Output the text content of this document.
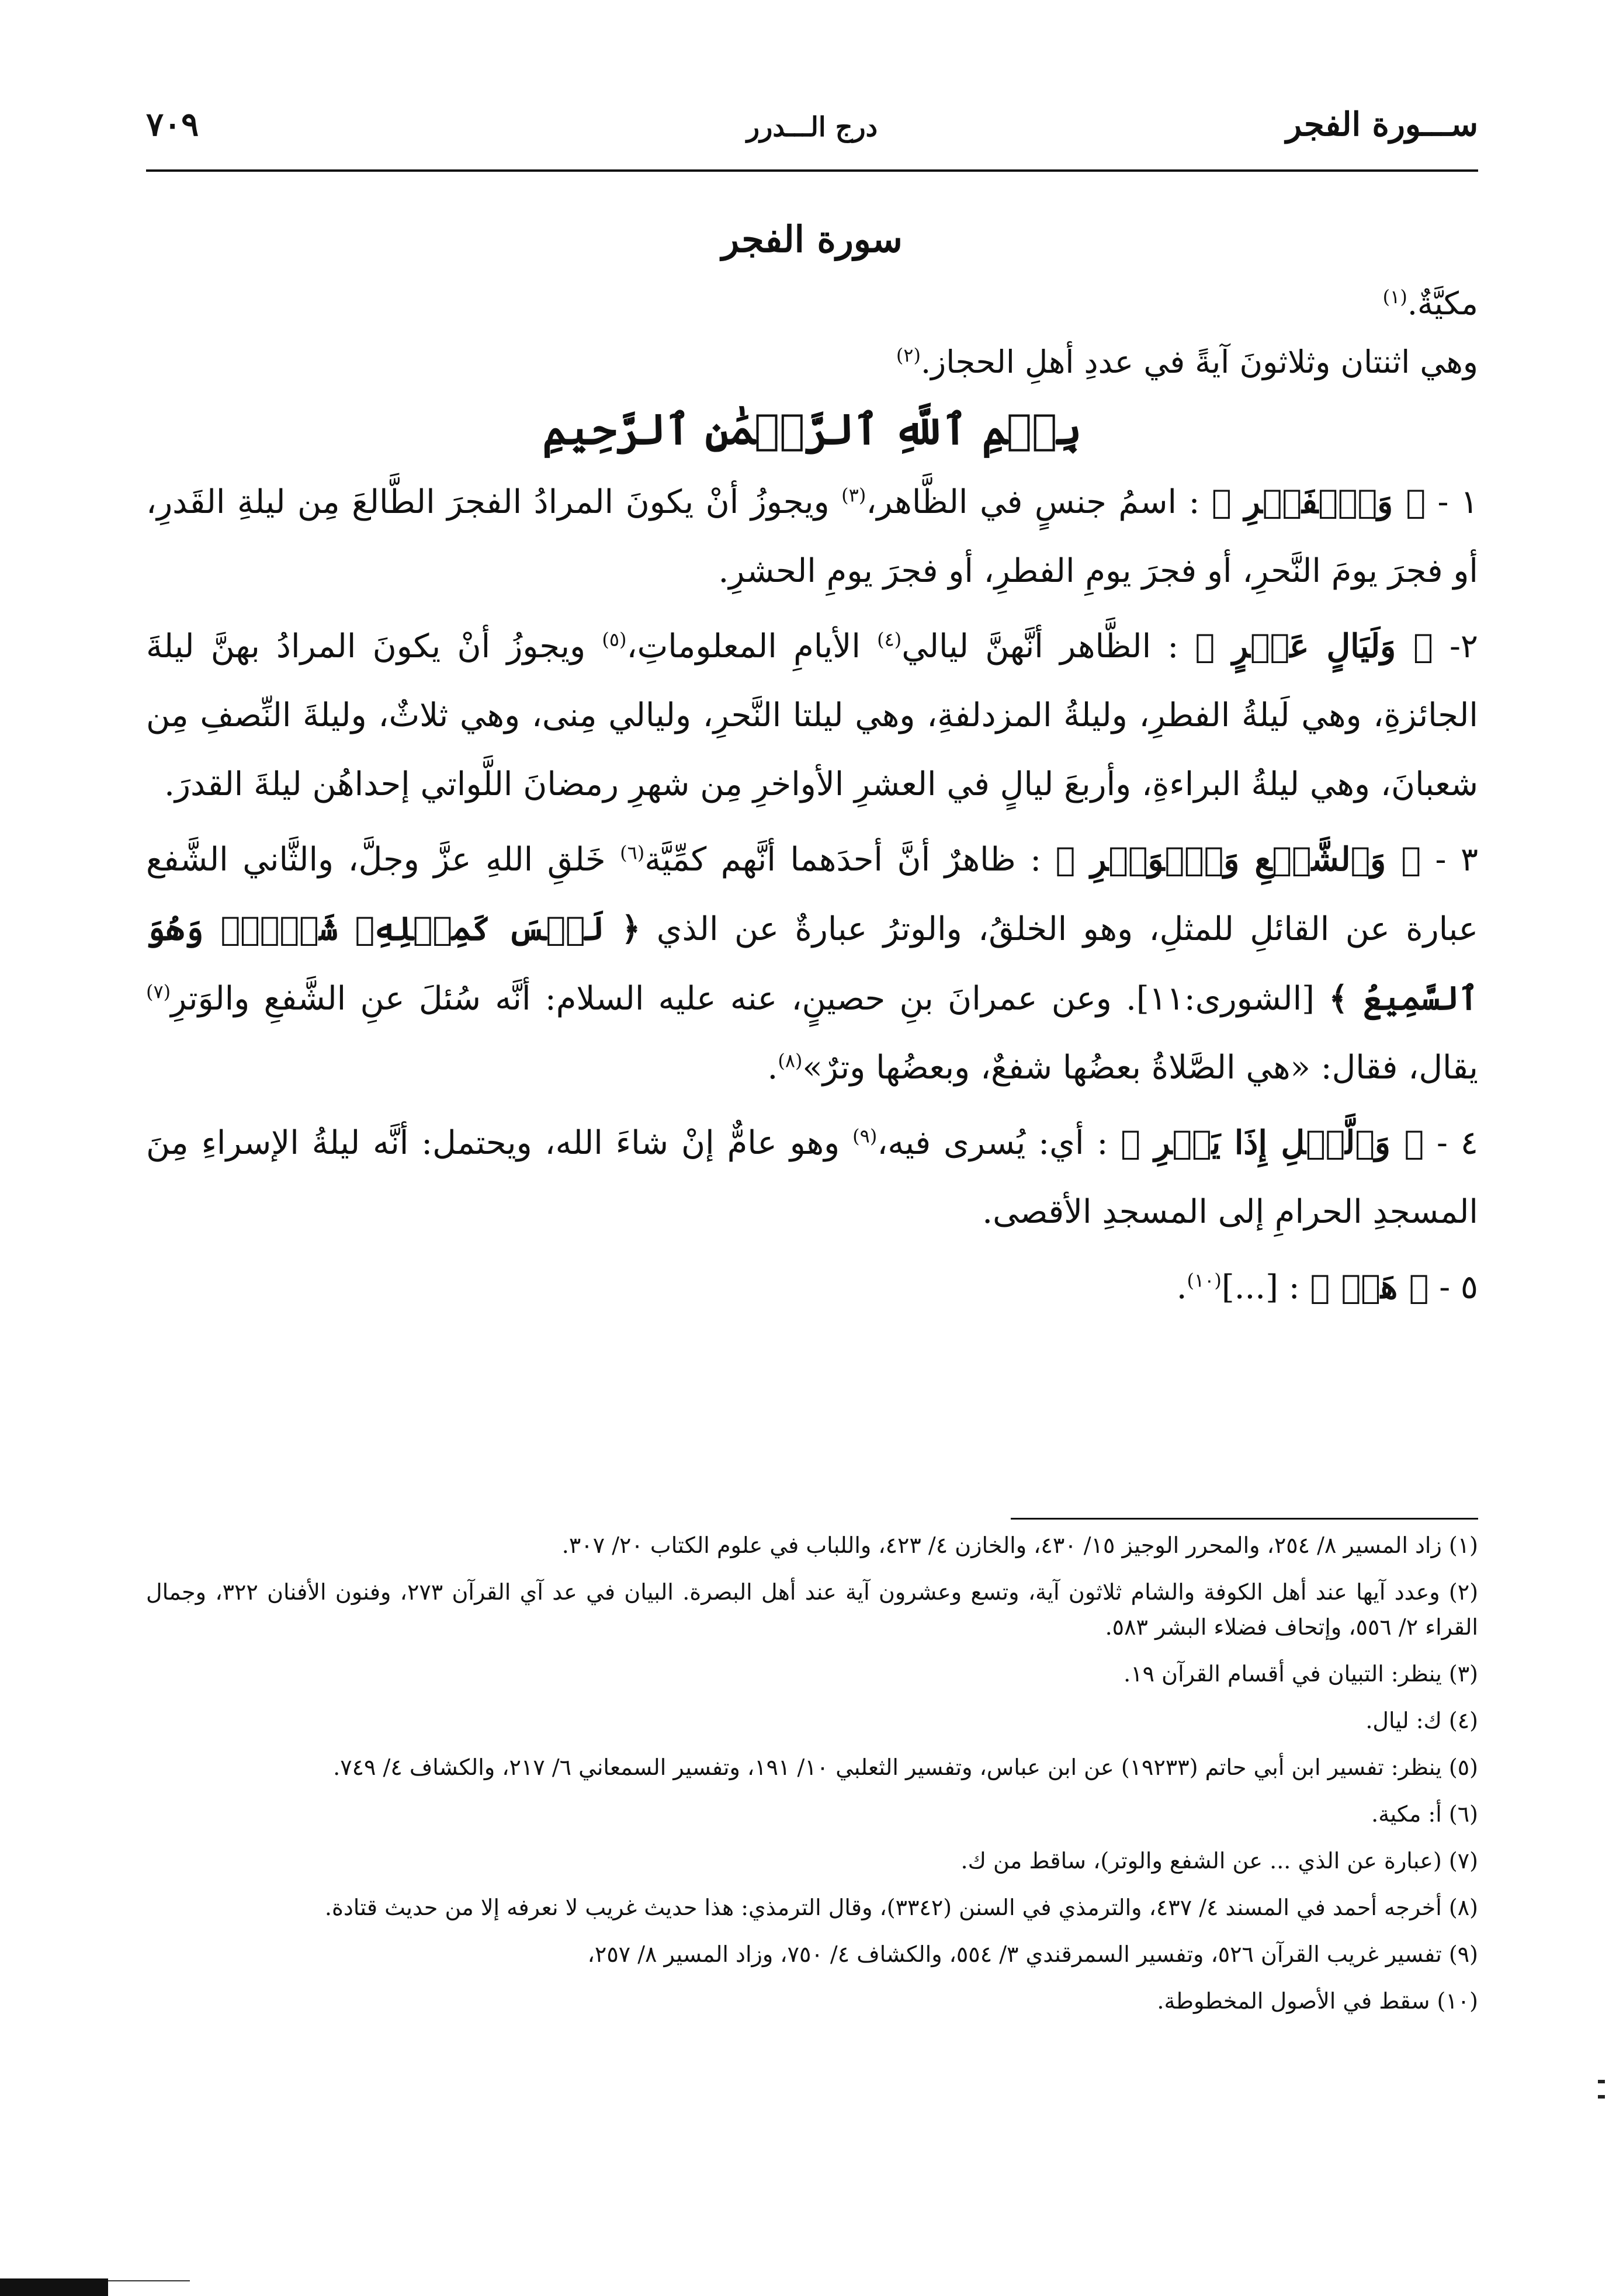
ســـورة الفجر
درج الـــدرر
٧٠٩
سورة الفجر

مكيَّةٌ.$^{(١)}$

وهي اثنتان وثلاثونَ آيةً في عددِ أهلِ الحجاز.$^{(٢)}$

بِسۡمِ ٱللَّهِ ٱلرَّحۡمَٰنِ ٱلرَّحِيمِ

١ - ﴿ وَٱلۡفَجۡرِ ﴾ : اسمُ جنسٍ في الظَّاهر،$^{(٣)}$ ويجوزُ أنْ يكونَ المرادُ الفجرَ الطَّالعَ مِن ليلةِ القَدرِ، أو فجرَ يومَ النَّحرِ، أو فجرَ يومِ الفطرِ، أو فجرَ يومِ الحشرِ.

٢- ﴿ وَلَيَالٍ عَشۡرٍ ﴾ : الظَّاهر أنَّهنَّ ليالي$^{(٤)}$ الأيامِ المعلوماتِ،$^{(٥)}$ ويجوزُ أنْ يكونَ المرادُ بهنَّ ليلةَ الجائزةِ، وهي لَيلةُ الفطرِ، وليلةُ المزدلفةِ، وهي ليلتا النَّحرِ، وليالي مِنى، وهي ثلاثٌ، وليلةَ النِّصفِ مِن شعبانَ، وهي ليلةُ البراءةِ، وأربعَ ليالٍ في العشرِ الأواخرِ مِن شهرِ رمضانَ اللَّواتي إحداهُن ليلةَ القدرَ.

٣ - ﴿ وَٱلشَّفۡعِ وَٱلۡوَتۡرِ ﴾ : ظاهرٌ أنَّ أحدَهما أنَّهم كمِّيَّة$^{(٦)}$ خَلقِ اللهِ عزَّ وجلَّ، والثَّاني الشَّفع عبارة عن القائلِ للمثلِ، وهو الخلقُ، والوترُ عبارةٌ عن الذي ﴿ لَيۡسَ كَمِثۡلِهِۦ شَيۡءٞۖ وَهُوَ ٱلسَّمِيعُ ﴾ [الشورى:١١]. وعن عمرانَ بنِ حصينٍ، عنه عليه السلام: أنَّه سُئلَ عنِ الشَّفعِ والوَترِ$^{(٧)}$ يقال، فقال: «هي الصَّلاةُ بعضُها شفعٌ، وبعضُها وترٌ»$^{(٨)}$.

٤ - ﴿ وَٱلَّيۡلِ إِذَا يَسۡرِ ﴾ : أي: يُسرى فيه،$^{(٩)}$ وهو عامٌّ إنْ شاءَ الله، ويحتمل: أنَّه ليلةُ الإسراءِ مِنَ المسجدِ الحرامِ إلى المسجدِ الأقصى.

٥ - ﴿ هَلۡ ﴾ : [...]$^{(١٠)}$.

(١) زاد المسير ٨/ ٢٥٤، والمحرر الوجيز ١٥/ ٤٣٠، والخازن ٤/ ٤٢٣، واللباب في علوم الكتاب ٢٠/ ٣٠٧.

(٢) وعدد آيها عند أهل الكوفة والشام ثلاثون آية، وتسع وعشرون آية عند أهل البصرة. البيان في عد آي القرآن ٢٧٣، وفنون الأفنان ٣٢٢، وجمال القراء ٢/ ٥٥٦، وإتحاف فضلاء البشر ٥٨٣.

(٣) ينظر: التبيان في أقسام القرآن ١٩.

(٤) ك: ليال.

(٥) ينظر: تفسير ابن أبي حاتم (١٩٢٣٣) عن ابن عباس، وتفسير الثعلبي ١٠/ ١٩١، وتفسير السمعاني ٦/ ٢١٧، والكشاف ٤/ ٧٤٩.

(٦) أ: مكية.

(٧) (عبارة عن الذي ... عن الشفع والوتر)، ساقط من ك.

(٨) أخرجه أحمد في المسند ٤/ ٤٣٧، والترمذي في السنن (٣٣٤٢)، وقال الترمذي: هذا حديث غريب لا نعرفه إلا من حديث قتادة.

(٩) تفسير غريب القرآن ٥٢٦، وتفسير السمرقندي ٣/ ٥٥٤، والكشاف ٤/ ٧٥٠، وزاد المسير ٨/ ٢٥٧،

(١٠) سقط في الأصول المخطوطة.
